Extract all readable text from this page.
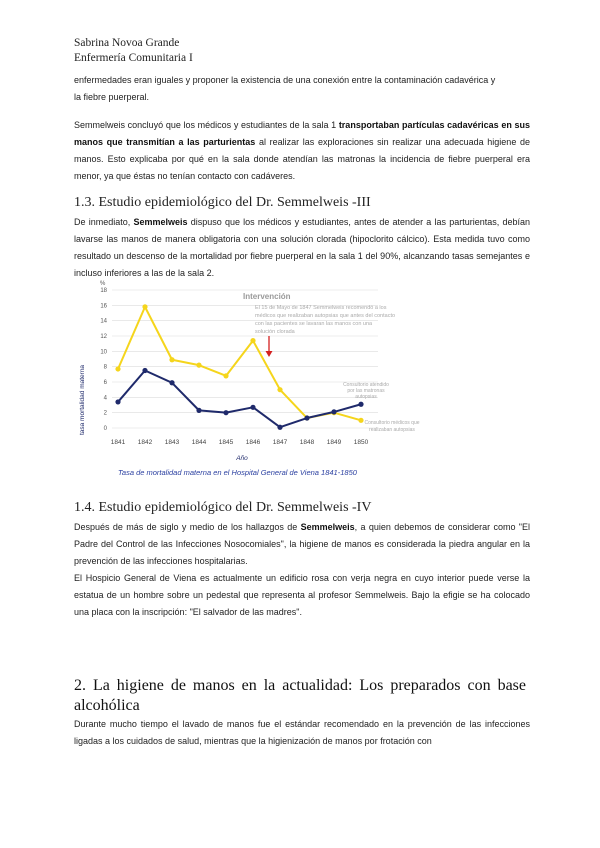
Sabrina Novoa Grande
Enfermería Comunitaria I
enfermedades eran iguales y proponer la existencia de una conexión entre la contaminación cadavérica y
la fiebre puerperal.
Semmelweis concluyó que los médicos y estudiantes de la sala 1 transportaban partículas cadavéricas en sus manos que transmitían a las parturientas al realizar las exploraciones sin realizar una adecuada higiene de manos. Esto explicaba por qué en la sala donde atendían las matronas la incidencia de fiebre puerperal era menor, ya que éstas no tenían contacto con cadáveres.
1.3. Estudio epidemiológico del Dr. Semmelweis -III
De inmediato, Semmelweis dispuso que los médicos y estudiantes, antes de atender a las parturientas, debían lavarse las manos de manera obligatoria con una solución clorada (hipoclorito cálcico). Esta medida tuvo como resultado un descenso de la mortalidad por fiebre puerperal en la sala 1 del 90%, alcanzando tasas semejantes e incluso inferiores a las de la sala 2.
0
2
4
6
8
10
12
14
16
18
1841 1842 1843 1844 1845 1846 1847 1848 1849 1850
%
tasa mortalidad materna
Año
Tasa de mortalidad materna en el Hospital General de Viena 1841-1850
Intervención
El 15 de Mayo de 1847 Semmelweis recomendó a los
médicos que realizaban autopsias que antes del contacto
con las pacientes se lavaran las manos con una
solución clorada
Consultorio atendido
por las matronas
autopsias
Consultorio médicos que
realizaban autopsias
1.4. Estudio epidemiológico del Dr. Semmelweis -IV
Después de más de siglo y medio de los hallazgos de Semmelweis, a quien debemos de considerar como "El Padre del Control de las Infecciones Nosocomiales", la higiene de manos es considerada la piedra angular en la prevención de las infecciones hospitalarias.
El Hospicio General de Viena es actualmente un edificio rosa con verja negra en cuyo interior puede verse la estatua de un hombre sobre un pedestal que representa al profesor Semmelweis. Bajo la efigie se ha colocado una placa con la inscripción: "El salvador de las madres".
2. La higiene de manos en la actualidad: Los preparados con base
alcohólica
Durante mucho tiempo el lavado de manos fue el estándar recomendado en la prevención de las infecciones ligadas a los cuidados de salud, mientras que la higienización de manos por frotación con
